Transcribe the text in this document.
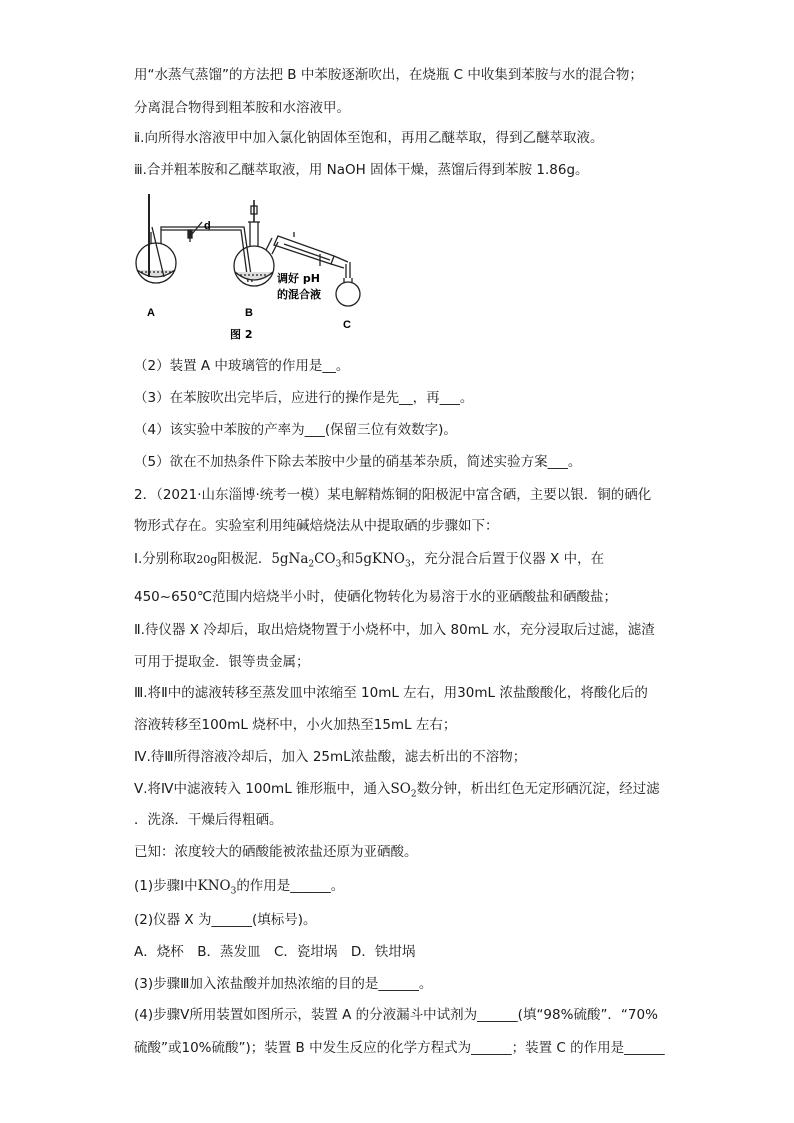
用“水蒸气蒸馏”的方法把 B 中苯胺逐渐吹出，在烧瓶 C 中收集到苯胺与水的混合物；
分离混合物得到粗苯胺和水溶液甲。
ⅱ.向所得水溶液甲中加入氯化钠固体至饱和，再用乙醚萃取，得到乙醚萃取液。
ⅲ.合并粗苯胺和乙醚萃取液，用 NaOH 固体干燥，蒸馏后得到苯胺 1.86g。
A	B
C
d
调好 pH
的混合液
图 2
（2）装置 A 中玻璃管的作用是__。
（3）在苯胺吹出完毕后，应进行的操作是先__，再___。
（4）该实验中苯胺的产率为___(保留三位有效数字)。
（5）欲在不加热条件下除去苯胺中少量的硝基苯杂质，简述实验方案___。
2．（2021·山东淄博·统考一模）某电解精炼铜的阳极泥中富含硒，主要以银．铜的硒化
物形式存在。实验室利用纯碱焙烧法从中提取硒的步骤如下：
Ⅰ.分别称取20g阳极泥．$5gNa_2CO_3$和5gKNO$_3$，充分混合后置于仪器 X 中，在
450~650℃范围内焙烧半小时，使硒化物转化为易溶于水的亚硒酸盐和硒酸盐；
Ⅱ.待仪器 X 冷却后，取出焙烧物置于小烧杯中，加入 80mL 水，充分浸取后过滤，滤渣
可用于提取金．银等贵金属；
Ⅲ.将Ⅱ中的滤液转移至蒸发皿中浓缩至 10mL 左右，用30mL 浓盐酸酸化，将酸化后的
溶液转移至100mL 烧杯中，小火加热至15mL 左右；
Ⅳ.待Ⅲ所得溶液冷却后，加入 25mL浓盐酸，滤去析出的不溶物；
Ⅴ.将Ⅳ中滤液转入 100mL 锥形瓶中，通入$SO_2$数分钟，析出红色无定形硒沉淀，经过滤
．洗涤．干燥后得粗硒。
已知：浓度较大的硒酸能被浓盐还原为亚硒酸。
(1)步骤Ⅰ中$KNO_3$的作用是______。
(2)仪器 X 为______(填标号)。
A．烧杯　B．蒸发皿　C．瓷坩埚　D．铁坩埚
(3)步骤Ⅲ加入浓盐酸并加热浓缩的目的是______。
(4)步骤Ⅴ所用装置如图所示，装置 A 的分液漏斗中试剂为______(填“98%硫酸”．“70%
硫酸”或10%硫酸”)；装置 B 中发生反应的化学方程式为______；装置 C 的作用是______
